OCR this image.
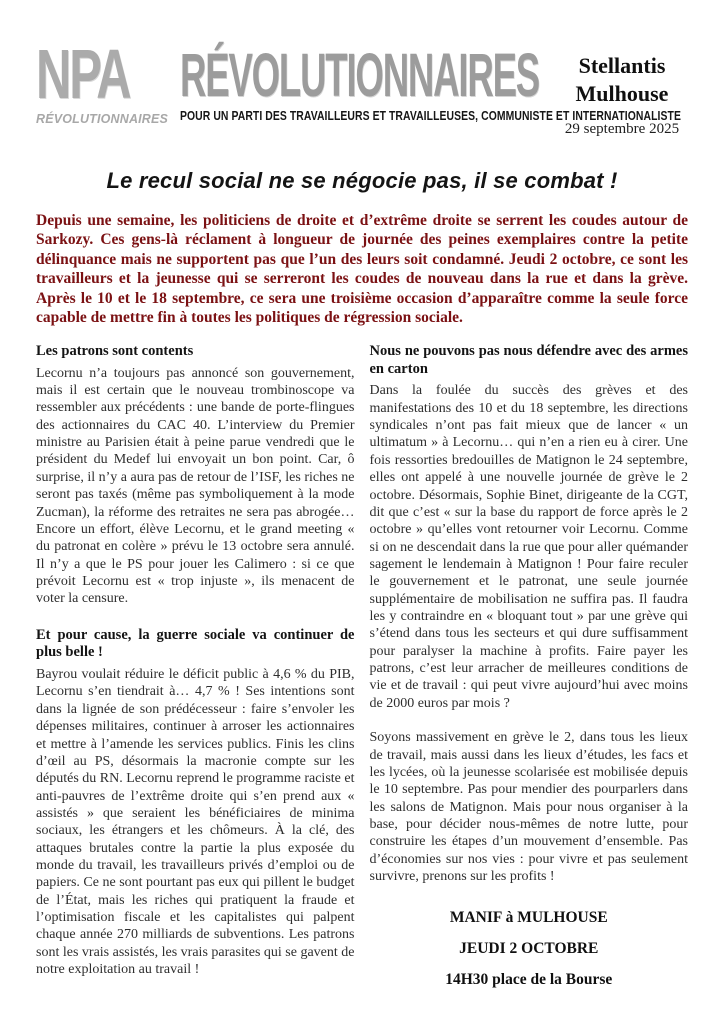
NPA
RÉVOLUTIONNAIRES
RÉVOLUTIONNAIRES
POUR UN PARTI DES TRAVAILLEURS ET TRAVAILLEUSES, COMMUNISTE ET INTERNATIONALISTE
Stellantis
Mulhouse
29 septembre 2025
Le recul social ne se négocie pas, il se combat !

Depuis une semaine, les politiciens de droite et d’extrême droite se serrent les coudes autour de Sarkozy. Ces gens-là réclament à longueur de journée des peines exemplaires contre la petite délinquance mais ne supportent pas que l’un des leurs soit condamné. Jeudi 2 octobre, ce sont les travailleurs et la jeunesse qui se serreront les coudes de nouveau dans la rue et dans la grève. Après le 10 et le 18 septembre, ce sera une troisième occasion d’apparaître comme la seule force capable de mettre fin à toutes les politiques de régression sociale.

Les patrons sont contents

Lecornu n’a toujours pas annoncé son gouvernement, mais il est certain que le nouveau trombinoscope va ressembler aux précédents : une bande de porte-flingues des actionnaires du CAC 40. L’interview du Premier ministre au Parisien était à peine parue vendredi que le président du Medef lui envoyait un bon point. Car, ô surprise, il n’y a aura pas de retour de l’ISF, les riches ne seront pas taxés (même pas symboliquement à la mode Zucman), la réforme des retraites ne sera pas abrogée… Encore un effort, élève Lecornu, et le grand meeting « du patronat en colère » prévu le 13 octobre sera annulé. Il n’y a que le PS pour jouer les Calimero : si ce que prévoit Lecornu est « trop injuste », ils menacent de voter la censure.

Et pour cause, la guerre sociale va continuer de plus belle !

Bayrou voulait réduire le déficit public à 4,6 % du PIB, Lecornu s’en tiendrait à… 4,7 % ! Ses intentions sont dans la lignée de son prédécesseur : faire s’envoler les dépenses militaires, continuer à arroser les actionnaires et mettre à l’amende les services publics. Finis les clins d’œil au PS, désormais la macronie compte sur les députés du RN. Lecornu reprend le programme raciste et anti-pauvres de l’extrême droite qui s’en prend aux « assistés » que seraient les bénéficiaires de minima sociaux, les étrangers et les chômeurs. À la clé, des attaques brutales contre la partie la plus exposée du monde du travail, les travailleurs privés d’emploi ou de papiers. Ce ne sont pourtant pas eux qui pillent le budget de l’État, mais les riches qui pratiquent la fraude et l’optimisation fiscale et les capitalistes qui palpent chaque année 270 milliards de subventions. Les patrons sont les vrais assistés, les vrais parasites qui se gavent de notre exploitation au travail !

Nous ne pouvons pas nous défendre avec des armes en carton

Dans la foulée du succès des grèves et des manifestations des 10 et du 18 septembre, les directions syndicales n’ont pas fait mieux que de lancer « un ultimatum » à Lecornu… qui n’en a rien eu à cirer. Une fois ressorties bredouilles de Matignon le 24 septembre, elles ont appelé à une nouvelle journée de grève le 2 octobre. Désormais, Sophie Binet, dirigeante de la CGT, dit que c’est « sur la base du rapport de force après le 2 octobre » qu’elles vont retourner voir Lecornu. Comme si on ne descendait dans la rue que pour aller quémander sagement le lendemain à Matignon ! Pour faire reculer le gouvernement et le patronat, une seule journée supplémentaire de mobilisation ne suffira pas. Il faudra les y contraindre en « bloquant tout » par une grève qui s’étend dans tous les secteurs et qui dure suffisamment pour paralyser la machine à profits. Faire payer les patrons, c’est leur arracher de meilleures conditions de vie et de travail : qui peut vivre aujourd’hui avec moins de 2000 euros par mois ?

Soyons massivement en grève le 2, dans tous les lieux de travail, mais aussi dans les lieux d’études, les facs et les lycées, où la jeunesse scolarisée est mobilisée depuis le 10 septembre. Pas pour mendier des pourparlers dans les salons de Matignon. Mais pour nous organiser à la base, pour décider nous-mêmes de notre lutte, pour construire les étapes d’un mouvement d’ensemble. Pas d’économies sur nos vies : pour vivre et pas seulement survivre, prenons sur les profits !

MANIF à MULHOUSE

JEUDI 2 OCTOBRE

14H30 place de la Bourse
